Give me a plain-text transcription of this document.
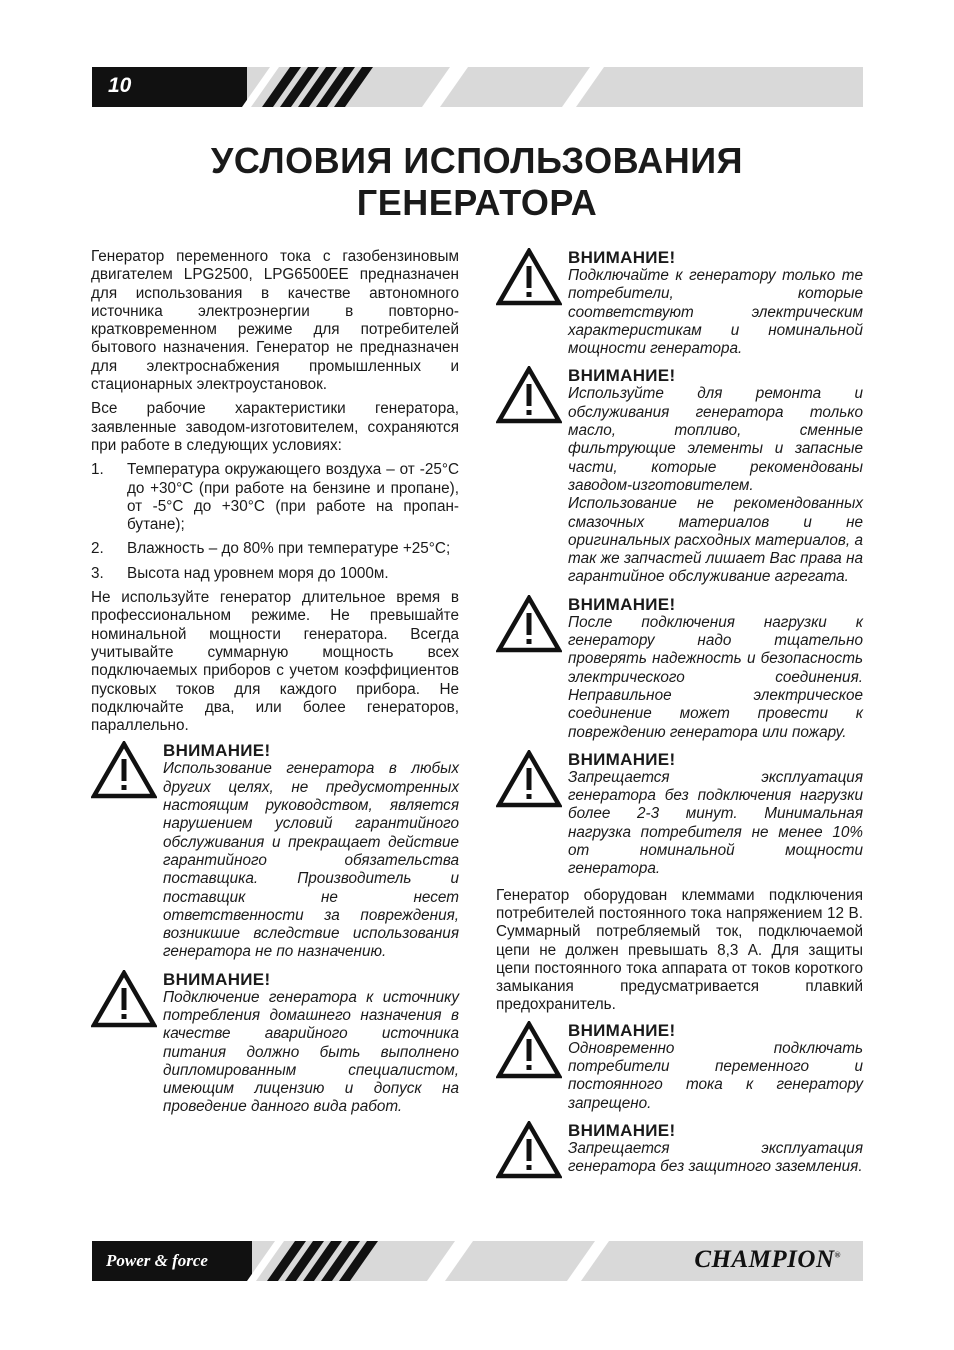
10
УСЛОВИЯ ИСПОЛЬЗОВАНИЯ
ГЕНЕРАТОРА

Генератор переменного тока с газобензиновым двигателем LPG2500, LPG6500EE предназначен для использования в качестве автономного источника электроэнергии в повторно-кратковременном режиме для потребителей бытового назначения. Генератор не предназначен для электроснабжения промышленных и стационарных электроустановок.

Все рабочие характеристики генератора, заявленные заводом-изготовителем, сохраняются при работе в следующих условиях:

1. Температура окружающего воздуха – от -25°C до +30°C (при работе на бензине и пропане), от -5°C до +30°C (при работе на пропан-бутане);
2. Влажность – до 80% при температуре +25°C;
3. Высота над уровнем моря до 1000м.

Не используйте генератор длительное время в профессиональном режиме. Не превышайте номинальной мощности генератора. Всегда учитывайте суммарную мощность всех подключаемых приборов с учетом коэффициентов пусковых токов для каждого прибора. Не подключайте два, или более генераторов, параллельно.

ВНИМАНИЕ!
Использование генератора в любых других целях, не предусмотренных настоящим руководством, является нарушением условий гарантийного обслуживания и прекращает действие гарантийного обязательства поставщика. Производитель и поставщик не несет ответственности за повреждения, возникшие вследствие использования генератора не по назначению.
ВНИМАНИЕ!
Подключение генератора к источнику потребления домашнего назначения в качестве аварийного источника питания должно быть выполнено дипломированным специалистом, имеющим лицензию и допуск на проведение данного вида работ.
ВНИМАНИЕ!
Подключайте к генератору только те потребители, которые соответствуют электрическим характеристикам и номинальной мощности генератора.
ВНИМАНИЕ!
Используйте для ремонта и обслуживания генератора только масло, топливо, сменные фильтрующие элементы и запасные части, которые рекомендованы заводом-изготовителем. Использование не рекомендованных смазочных материалов и не оригинальных расходных материалов, а так же запчастей лишает Вас права на гарантийное обслуживание агрегата.
ВНИМАНИЕ!
После подключения нагрузки к генератору надо тщательно проверять надежность и безопасность электрического соединения. Неправильное электрическое соединение может провести к повреждению генератора или пожару.
ВНИМАНИЕ!
Запрещается эксплуатация генератора без подключения нагрузки более 2-3 минут. Минимальная нагрузка потребителя не менее 10% от номинальной мощности генератора.

Генератор оборудован клеммами подключения потребителей постоянного тока напряжением 12 В. Суммарный потребляемый ток, подключаемой цепи не должен превышать 8,3 А. Для защиты цепи постоянного тока аппарата от токов короткого замыкания предусматривается плавкий предохранитель.

ВНИМАНИЕ!
Одновременно подключать потребители переменного и постоянного тока к генератору запрещено.
ВНИМАНИЕ!
Запрещается эксплуатация генератора без защитного заземления.
Power & force	CHAMPION®
